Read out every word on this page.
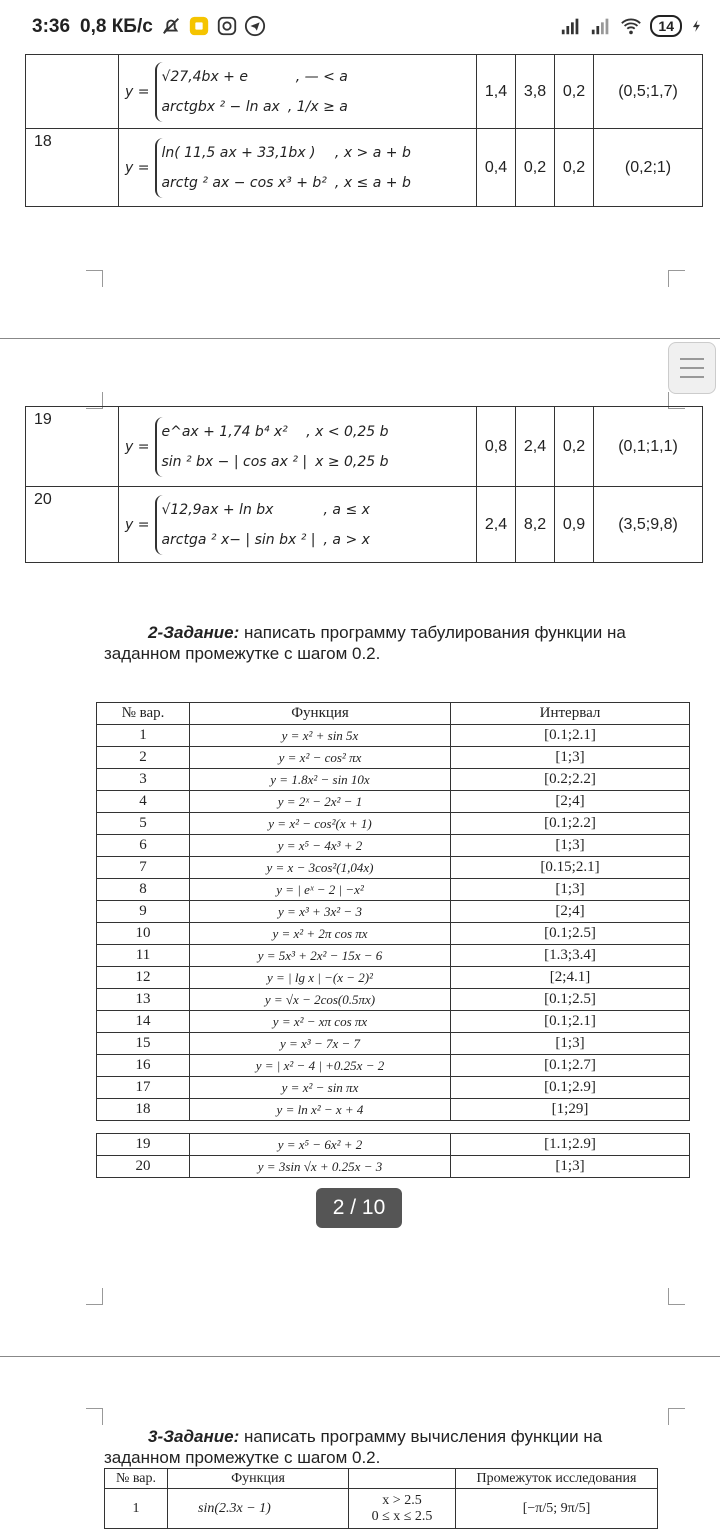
3:36 0,8 КБ/с	14

	y =
√27,4bx + e , — < a
arctgbx ² − ln ax , 1/x ≥ a	1,4	3,8	0,2	(0,5;1,7)
18	y =
ln( 11,5 ax + 33,1bx ) , x > a + b
arctg ² ax − cos x³ + b² , x ≤ a + b	0,4	0,2	0,2	(0,2;1)
19	y =
e^ax + 1,74 b⁴ x² , x < 0,25 b
sin ² bx − | cos ax ² | x ≥ 0,25 b	0,8	2,4	0,2	(0,1;1,1)
20	y =
√12,9ax + ln bx , a ≤ x
arctga ² x− | sin bx ² | , a > x	2,4	8,2	0,9	(3,5;9,8)
2-Задание: написать программу табулирования функции на
заданном промежутке с шагом 0.2.
№ вар.	Функция	Интервал
1	y = x² + sin 5x	[0.1;2.1]
2	y = x² − cos² πx	[1;3]
3	y = 1.8x² − sin 10x	[0.2;2.2]
4	y = 2ˣ − 2x² − 1	[2;4]
5	y = x² − cos²(x + 1)	[0.1;2.2]
6	y = x⁵ − 4x³ + 2	[1;3]
7	y = x − 3cos²(1,04x)	[0.15;2.1]
8	y = | eˣ − 2 | −x²	[1;3]
9	y = x³ + 3x² − 3	[2;4]
10	y = x² + 2π cos πx	[0.1;2.5]
11	y = 5x³ + 2x² − 15x − 6	[1.3;3.4]
12	y = | lg x | −(x − 2)²	[2;4.1]
13	y = √x − 2cos(0.5πx)	[0.1;2.5]
14	y = x² − xπ cos πx	[0.1;2.1]
15	y = x³ − 7x − 7	[1;3]
16	y = | x² − 4 | +0.25x − 2	[0.1;2.7]
17	y = x² − sin πx	[0.1;2.9]
18	y = ln x² − x + 4	[1;29]
19	y = x⁵ − 6x² + 2	[1.1;2.9]
20	y = 3sin √x + 0.25x − 3	[1;3]
2 / 10
3-Задание: написать программу вычисления функции на
заданном промежутке с шагом 0.2.
№ вар.	Функция		Промежуток исследования
1	sin(2.3x − 1)	x > 2.5
0 ≤ x ≤ 2.5	[−π/5; 9π/5]
